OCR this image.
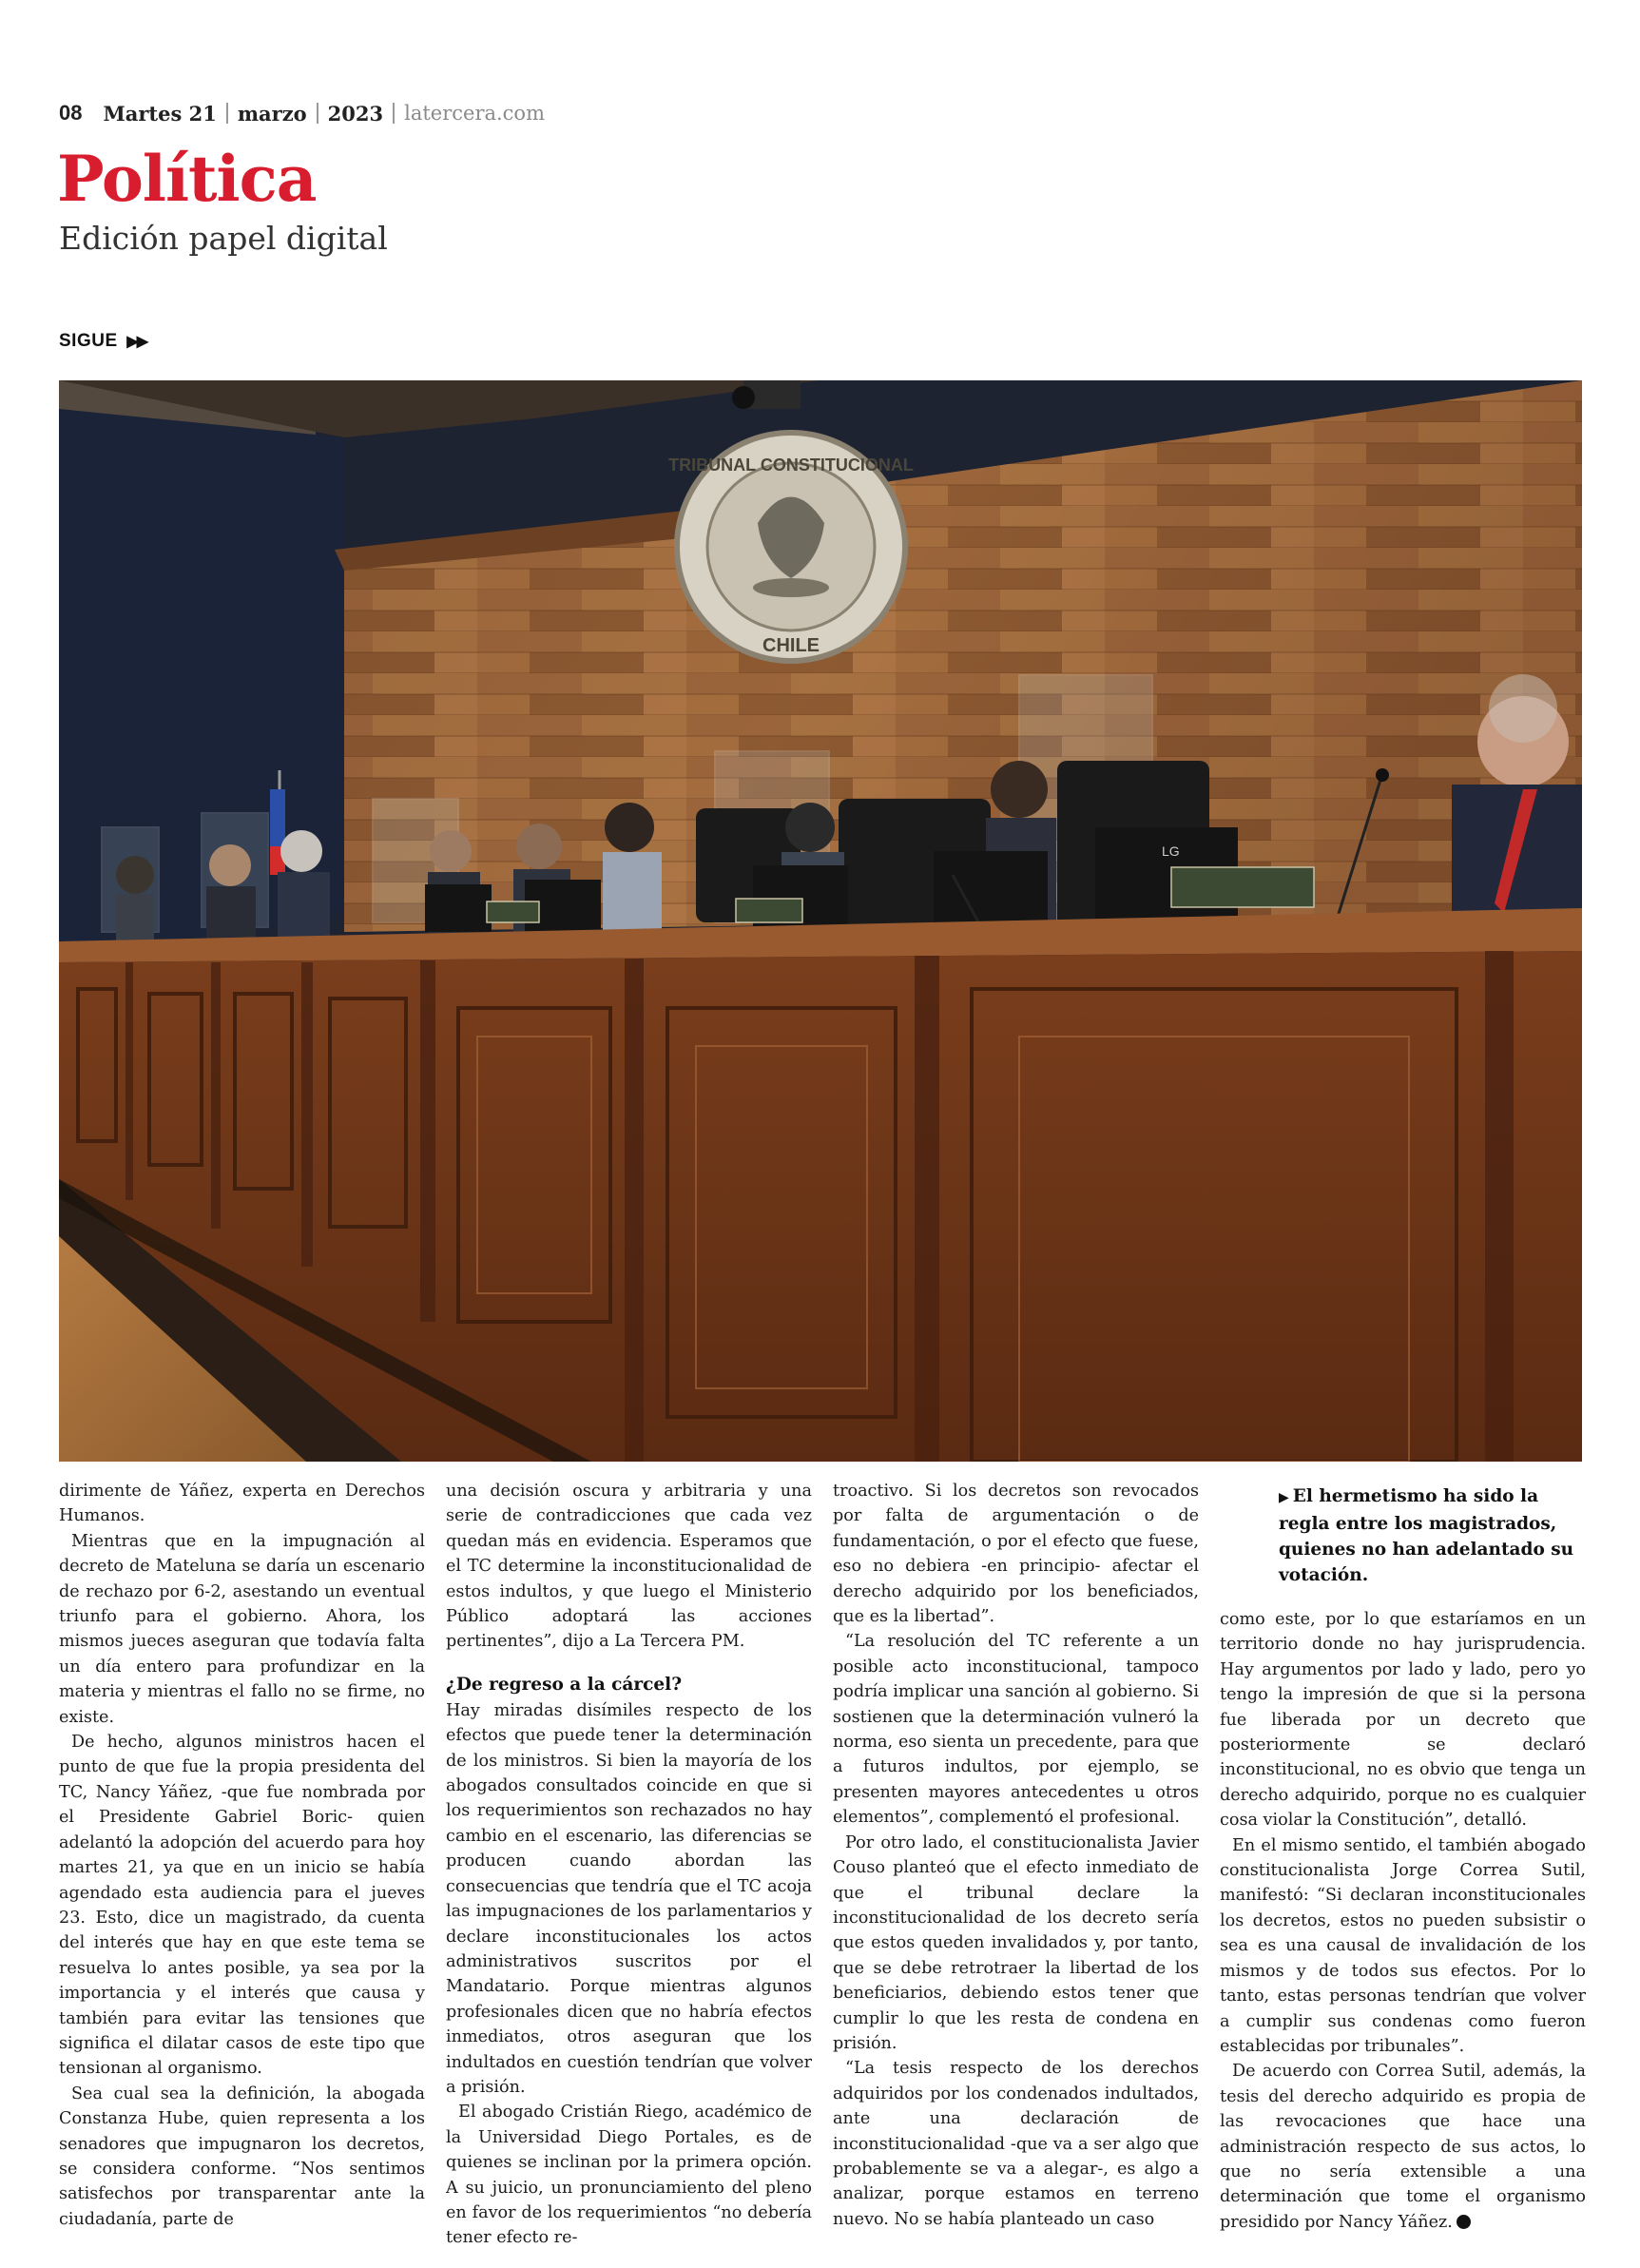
08 Martes 21 marzo 2023 latercera.com
Política
Edición papel digital
SIGUE ▶▶
TRIBUNAL CONSTITUCIONAL
CHILE
LG
▶ El hermetismo ha sido la regla entre los magistrados, quienes no han adelantado su votación.

dirimente de Yáñez, experta en Derechos Humanos.

Mientras que en la impugnación al decreto de Mateluna se daría un escenario de rechazo por 6-2, asestando un eventual triunfo para el gobierno. Ahora, los mismos jueces aseguran que todavía falta un día entero para profundizar en la materia y mientras el fallo no se firme, no existe.

De hecho, algunos ministros hacen el punto de que fue la propia presidenta del TC, Nancy Yáñez, -que fue nombrada por el Presidente Gabriel Boric- quien adelantó la adopción del acuerdo para hoy martes 21, ya que en un inicio se había agendado esta audiencia para el jueves 23. Esto, dice un magistrado, da cuenta del interés que hay en que este tema se resuelva lo antes posible, ya sea por la importancia y el interés que causa y también para evitar las tensiones que significa el dilatar casos de este tipo que tensionan al organismo.

Sea cual sea la definición, la abogada Constanza Hube, quien representa a los senadores que impugnaron los decretos, se considera conforme. “Nos sentimos satisfechos por transparentar ante la ciudadanía, parte de

una decisión oscura y arbitraria y una serie de contradicciones que cada vez quedan más en evidencia. Esperamos que el TC determine la inconstitucionalidad de estos indultos, y que luego el Ministerio Público adoptará las acciones pertinentes”, dijo a La Tercera PM.

¿De regreso a la cárcel?

Hay miradas disímiles respecto de los efectos que puede tener la determinación de los ministros. Si bien la mayoría de los abogados consultados coincide en que si los requerimientos son rechazados no hay cambio en el escenario, las diferencias se producen cuando abordan las consecuencias que tendría que el TC acoja las impugnaciones de los parlamentarios y declare inconstitucionales los actos administrativos suscritos por el Mandatario. Porque mientras algunos profesionales dicen que no habría efectos inmediatos, otros aseguran que los indultados en cuestión tendrían que volver a prisión.

El abogado Cristián Riego, académico de la Universidad Diego Portales, es de quienes se inclinan por la primera opción. A su juicio, un pronunciamiento del pleno en favor de los requerimientos “no debería tener efecto re-

troactivo. Si los decretos son revocados por falta de argumentación o de fundamentación, o por el efecto que fuese, eso no debiera -en principio- afectar el derecho adquirido por los beneficiados, que es la libertad”.

“La resolución del TC referente a un posible acto inconstitucional, tampoco podría implicar una sanción al gobierno. Si sostienen que la determinación vulneró la norma, eso sienta un precedente, para que a futuros indultos, por ejemplo, se presenten mayores antecedentes u otros elementos”, complementó el profesional.

Por otro lado, el constitucionalista Javier Couso planteó que el efecto inmediato de que el tribunal declare la inconstitucionalidad de los decreto sería que estos queden invalidados y, por tanto, que se debe retrotraer la libertad de los beneficiarios, debiendo estos tener que cumplir lo que les resta de condena en prisión.

“La tesis respecto de los derechos adquiridos por los condenados indultados, ante una declaración de inconstitucionalidad -que va a ser algo que probablemente se va a alegar-, es algo a analizar, porque estamos en terreno nuevo. No se había planteado un caso

como este, por lo que estaríamos en un territorio donde no hay jurisprudencia. Hay argumentos por lado y lado, pero yo tengo la impresión de que si la persona fue liberada por un decreto que posteriormente se declaró inconstitucional, no es obvio que tenga un derecho adquirido, porque no es cualquier cosa violar la Constitución”, detalló.

En el mismo sentido, el también abogado constitucionalista Jorge Correa Sutil, manifestó: “Si declaran inconstitucionales los decretos, estos no pueden subsistir o sea es una causal de invalidación de los mismos y de todos sus efectos. Por lo tanto, estas personas tendrían que volver a cumplir sus condenas como fueron establecidas por tribunales”.

De acuerdo con Correa Sutil, además, la tesis del derecho adquirido es propia de las revocaciones que hace una administración respecto de sus actos, lo que no sería extensible a una determinación que tome el organismo presidido por Nancy Yáñez.
